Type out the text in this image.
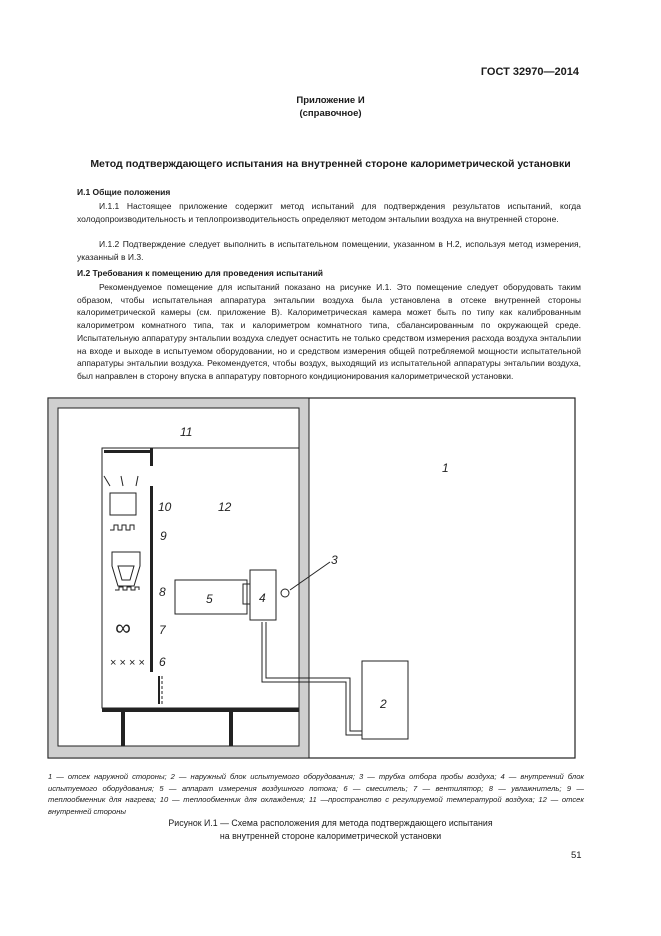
ГОСТ 32970—2014
Приложение И
(справочное)
Метод подтверждающего испытания на внутренней стороне калориметрической установки
И.1 Общие положения
И.1.1 Настоящее приложение содержит метод испытаний для подтверждения результатов испытаний, когда холодопроизводительность и теплопроизводительность определяют методом энтальпии воздуха на внутренней стороне.
И.1.2 Подтверждение следует выполнить в испытательном помещении, указанном в Н.2, используя метод измерения, указанный в И.3.
И.2 Требования к помещению для проведения испытаний
Рекомендуемое помещение для испытаний показано на рисунке И.1. Это помещение следует оборудовать таким образом, чтобы испытательная аппаратура энтальпии воздуха была установлена в отсеке внутренней стороны калориметрической камеры (см. приложение В). Калориметрическая камера может быть по типу как калиброванным калориметром комнатного типа, так и калориметром комнатного типа, сбалансированным по окружающей среде. Испытательную аппаратуру энтальпии воздуха следует оснастить не только средством измерения расхода воздуха энтальпии на входе и выходе в испытуемом оборудовании, но и средством измерения общей потребляемой мощности испытательной аппаратуры энтальпии воздуха. Рекомендуется, чтобы воздух, выходящий из испытательной аппаратуры энтальпии воздуха, был направлен в сторону впуска в аппаратуру повторного кондиционирования калориметрической установки.
∞
× × × ×
11
1
10	12
9
8	5	4
3
7
6
2
1 — отсек наружной стороны; 2 — наружный блок испытуемого оборудования; 3 — трубка отбора пробы воздуха; 4 — внутренний блок испытуемого оборудования; 5 — аппарат измерения воздушного потока; 6 — смеситель; 7 — вентилятор; 8 — увлажнитель; 9 — теплообменник для нагрева; 10 — теплообменник для охлаждения; 11 —пространство с регулируемой температурой воздуха; 12 — отсек внутренней стороны
Рисунок И.1 — Схема расположения для метода подтверждающего испытания
на внутренней стороне калориметрической установки
51
